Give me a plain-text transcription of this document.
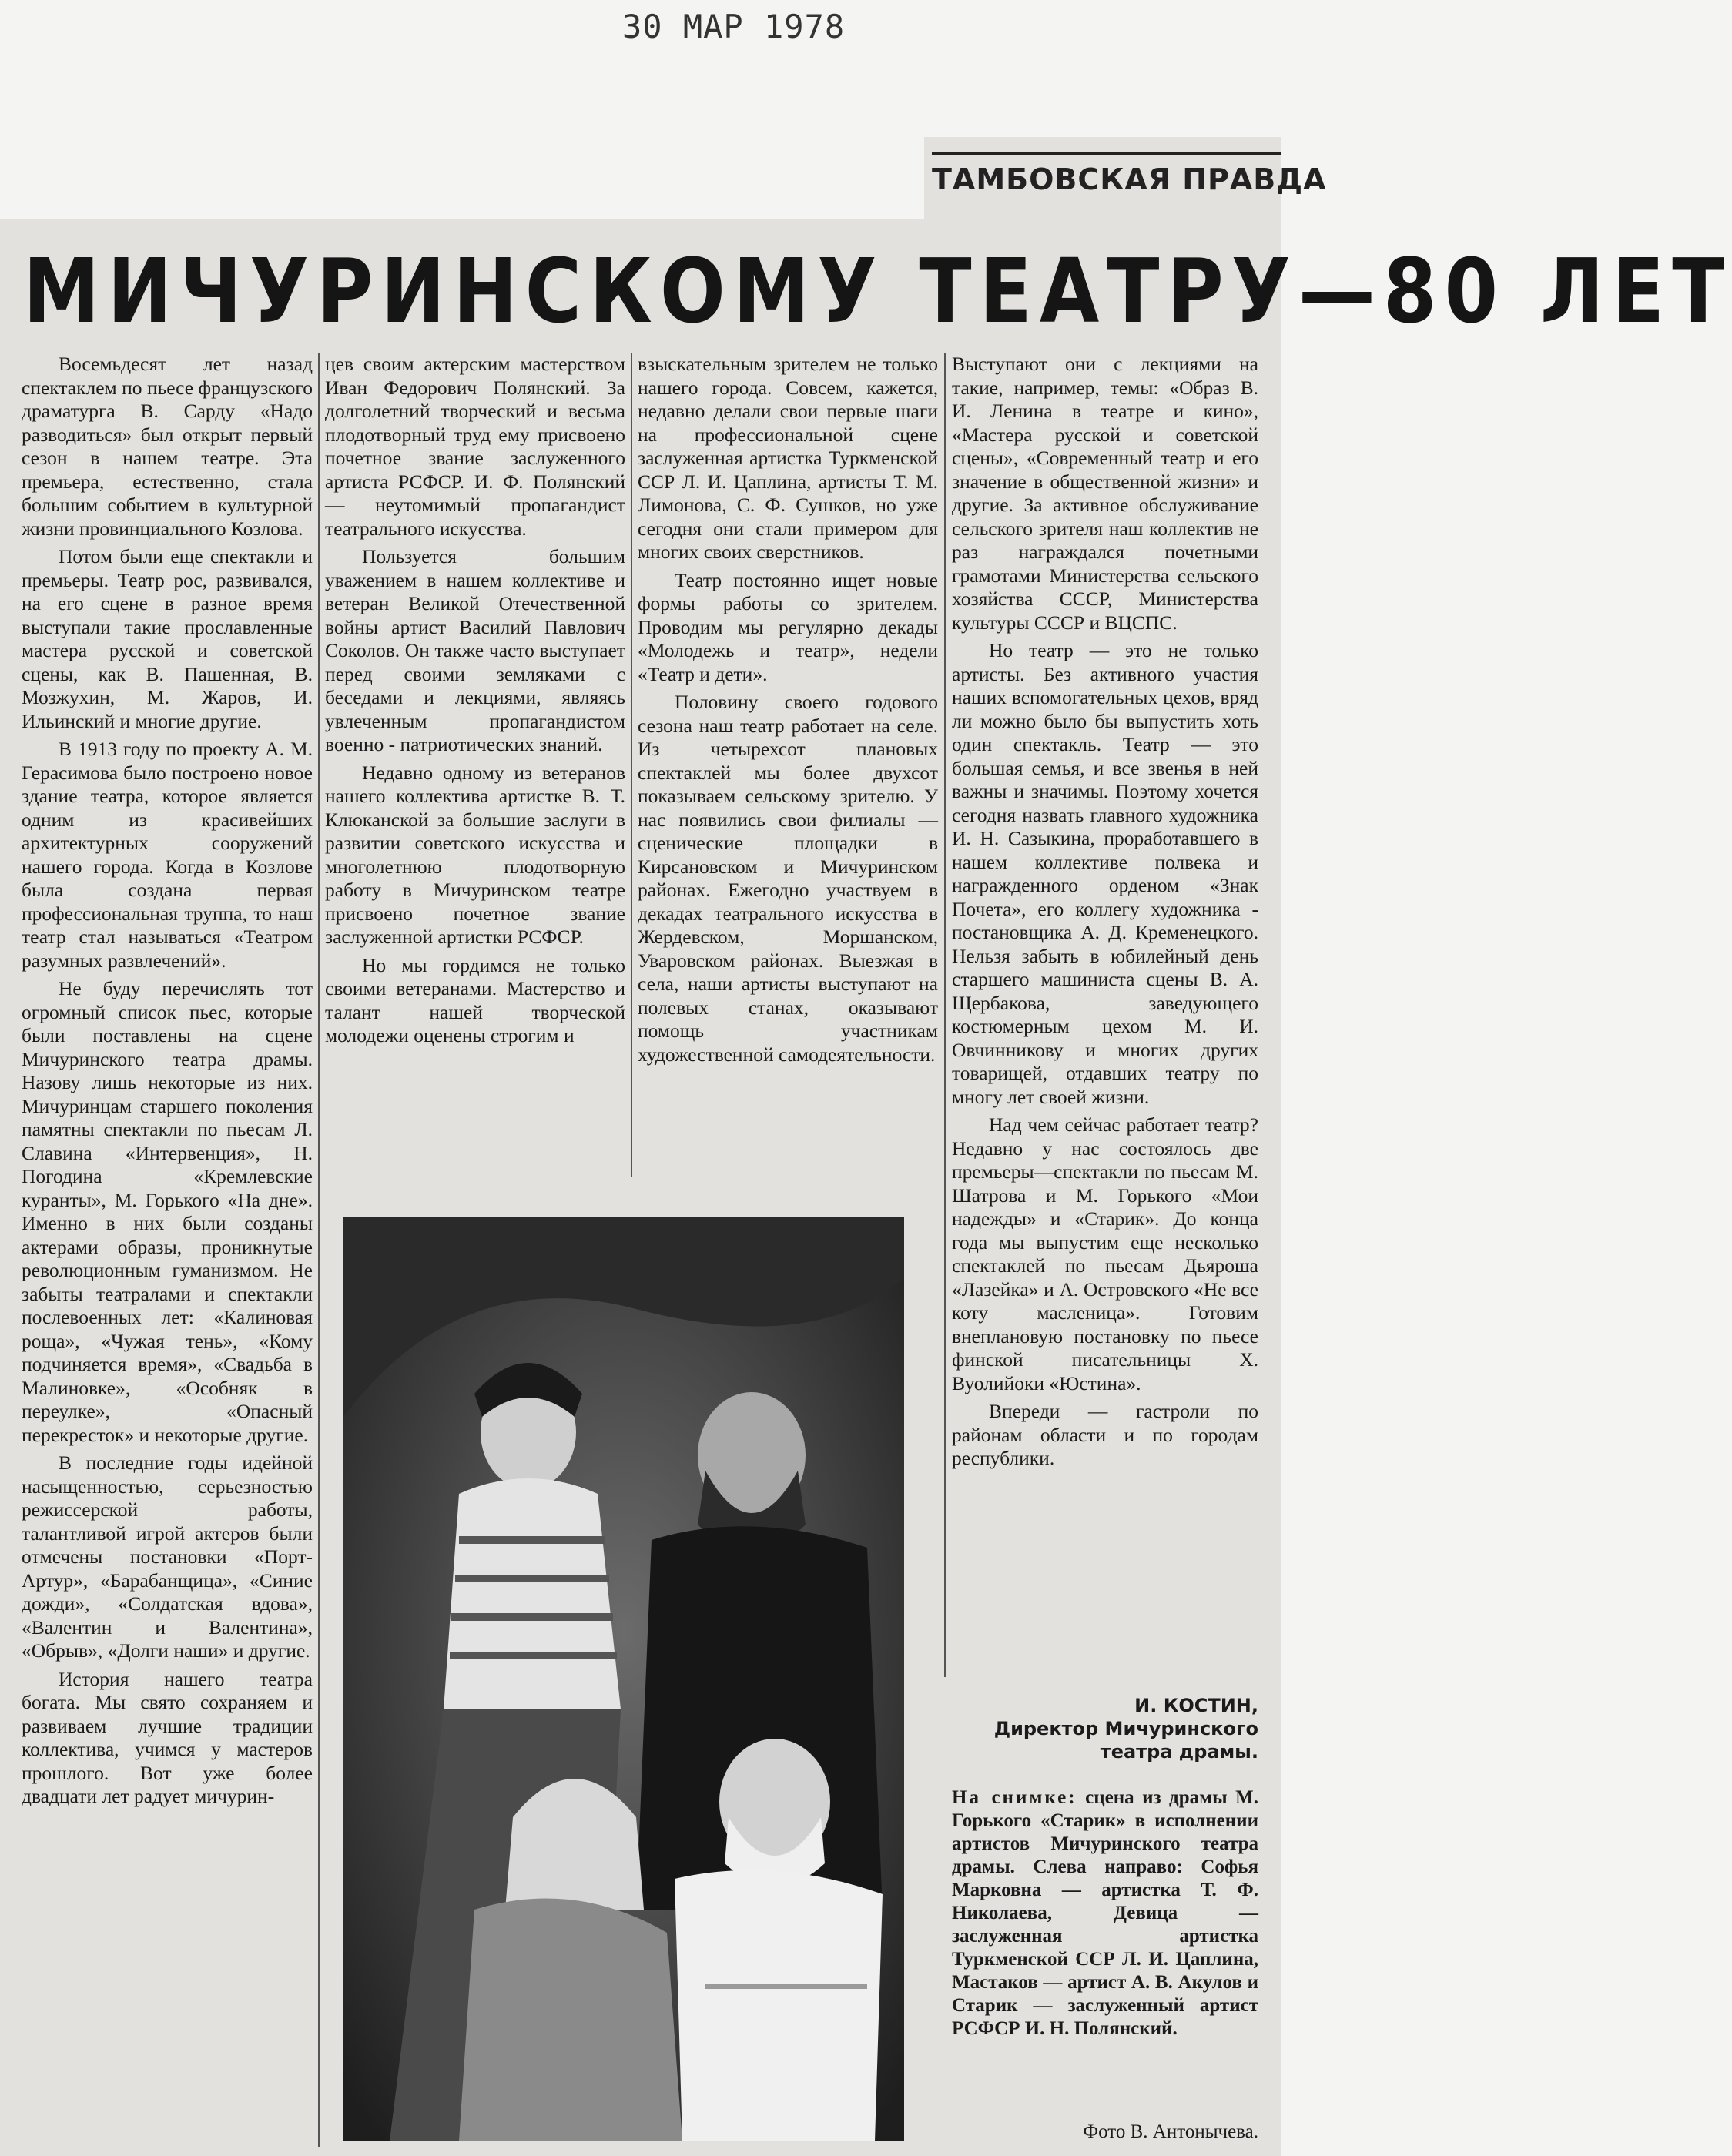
30 МАР 1978
ТАМБОВСКАЯ ПРАВДА
МИЧУРИНСКОМУ ТЕАТРУ—80 ЛЕТ

Восемьдесят лет назад спектаклем по пьесе французского драматурга В. Сарду «Надо разводиться» был открыт первый сезон в нашем театре. Эта премьера, естественно, стала большим событием в культурной жизни провинциального Козлова.

Потом были еще спектакли и премьеры. Театр рос, развивался, на его сцене в разное время выступали такие прославленные мастера русской и советской сцены, как В. Пашенная, В. Мозжухин, М. Жаров, И. Ильинский и многие другие.

В 1913 году по проекту А. М. Герасимова было построено новое здание театра, которое является одним из красивейших архитектурных сооружений нашего города. Когда в Козлове была создана первая профессиональная труппа, то наш театр стал называться «Театром разумных развлечений».

Не буду перечислять тот огромный список пьес, которые были поставлены на сцене Мичуринского театра драмы. Назову лишь некоторые из них. Мичуринцам старшего поколения памятны спектакли по пьесам Л. Славина «Интервенция», Н. Погодина «Кремлевские куранты», М. Горького «На дне». Именно в них были созданы актерами образы, проникнутые революционным гуманизмом. Не забыты театралами и спектакли послевоенных лет: «Калиновая роща», «Чужая тень», «Кому подчиняется время», «Свадьба в Малиновке», «Особняк в переулке», «Опасный перекресток» и некоторые другие.

В последние годы идейной насыщенностью, серьезностью режиссерской работы, талантливой игрой актеров были отмечены постановки «Порт-Артур», «Барабанщица», «Синие дожди», «Солдатская вдова», «Валентин и Валентина», «Обрыв», «Долги наши» и другие.

История нашего театра богата. Мы свято сохраняем и развиваем лучшие традиции коллектива, учимся у мастеров прошлого. Вот уже более двадцати лет радует мичурин-

цев своим актерским мастерством Иван Федорович Полянский. За долголетний творческий и весьма плодотворный труд ему присвоено почетное звание заслуженного артиста РСФСР. И. Ф. Полянский — неутомимый пропагандист театрального искусства.

Пользуется большим уважением в нашем коллективе и ветеран Великой Отечественной войны артист Василий Павлович Соколов. Он также часто выступает перед своими земляками с беседами и лекциями, являясь увлеченным пропагандистом военно - патриотических знаний.

Недавно одному из ветеранов нашего коллектива артистке В. Т. Клюканской за большие заслуги в развитии советского искусства и многолетнюю плодотворную работу в Мичуринском театре присвоено почетное звание заслуженной артистки РСФСР.

Но мы гордимся не только своими ветеранами. Мастерство и талант нашей творческой молодежи оценены строгим и

взыскательным зрителем не только нашего города. Совсем, кажется, недавно делали свои первые шаги на профессиональной сцене заслуженная артистка Туркменской ССР Л. И. Цаплина, артисты Т. М. Лимонова, С. Ф. Сушков, но уже сегодня они стали примером для многих своих сверстников.

Театр постоянно ищет новые формы работы со зрителем. Проводим мы регулярно декады «Молодежь и театр», недели «Театр и дети».

Половину своего годового сезона наш театр работает на селе. Из четырехсот плановых спектаклей мы более двухсот показываем сельскому зрителю. У нас появились свои филиалы — сценические площадки в Кирсановском и Мичуринском районах. Ежегодно участвуем в декадах театрального искусства в Жердевском, Моршанском, Уваровском районах. Выезжая в села, наши артисты выступают на полевых станах, оказывают помощь участникам художественной самодеятельности.

Выступают они с лекциями на такие, например, темы: «Образ В. И. Ленина в театре и кино», «Мастера русской и советской сцены», «Современный театр и его значение в общественной жизни» и другие. За активное обслуживание сельского зрителя наш коллектив не раз награждался почетными грамотами Министерства сельского хозяйства СССР, Министерства культуры СССР и ВЦСПС.

Но театр — это не только артисты. Без активного участия наших вспомогательных цехов, вряд ли можно было бы выпустить хоть один спектакль. Театр — это большая семья, и все звенья в ней важны и значимы. Поэтому хочется сегодня назвать главного художника И. Н. Сазыкина, проработавшего в нашем коллективе полвека и награжденного орденом «Знак Почета», его коллегу художника - постановщика А. Д. Кременецкого. Нельзя забыть в юбилейный день старшего машиниста сцены В. А. Щербакова, заведующего костюмерным цехом М. И. Овчинникову и многих других товарищей, отдавших театру по многу лет своей жизни.

Над чем сейчас работает театр? Недавно у нас состоялось две премьеры—спектакли по пьесам М. Шатрова и М. Горького «Мои надежды» и «Старик». До конца года мы выпустим еще несколько спектаклей по пьесам Дьяроша «Лазейка» и А. Островского «Не все коту масленица». Готовим внеплановую постановку по пьесе финской писательницы Х. Вуолийоки «Юстина».

Впереди — гастроли по районам области и по городам республики.

И. КОСТИН,
Директор Мичуринского театра драмы.
На снимке: сцена из драмы М. Горького «Старик» в исполнении артистов Мичуринского театра драмы. Слева направо: Софья Марковна — артистка Т. Ф. Николаева, Девица — заслуженная артистка Туркменской ССР Л. И. Цаплина, Мастаков — артист А. В. Акулов и Старик — заслуженный артист РСФСР И. Н. Полянский.
Фото В. Антонычева.
